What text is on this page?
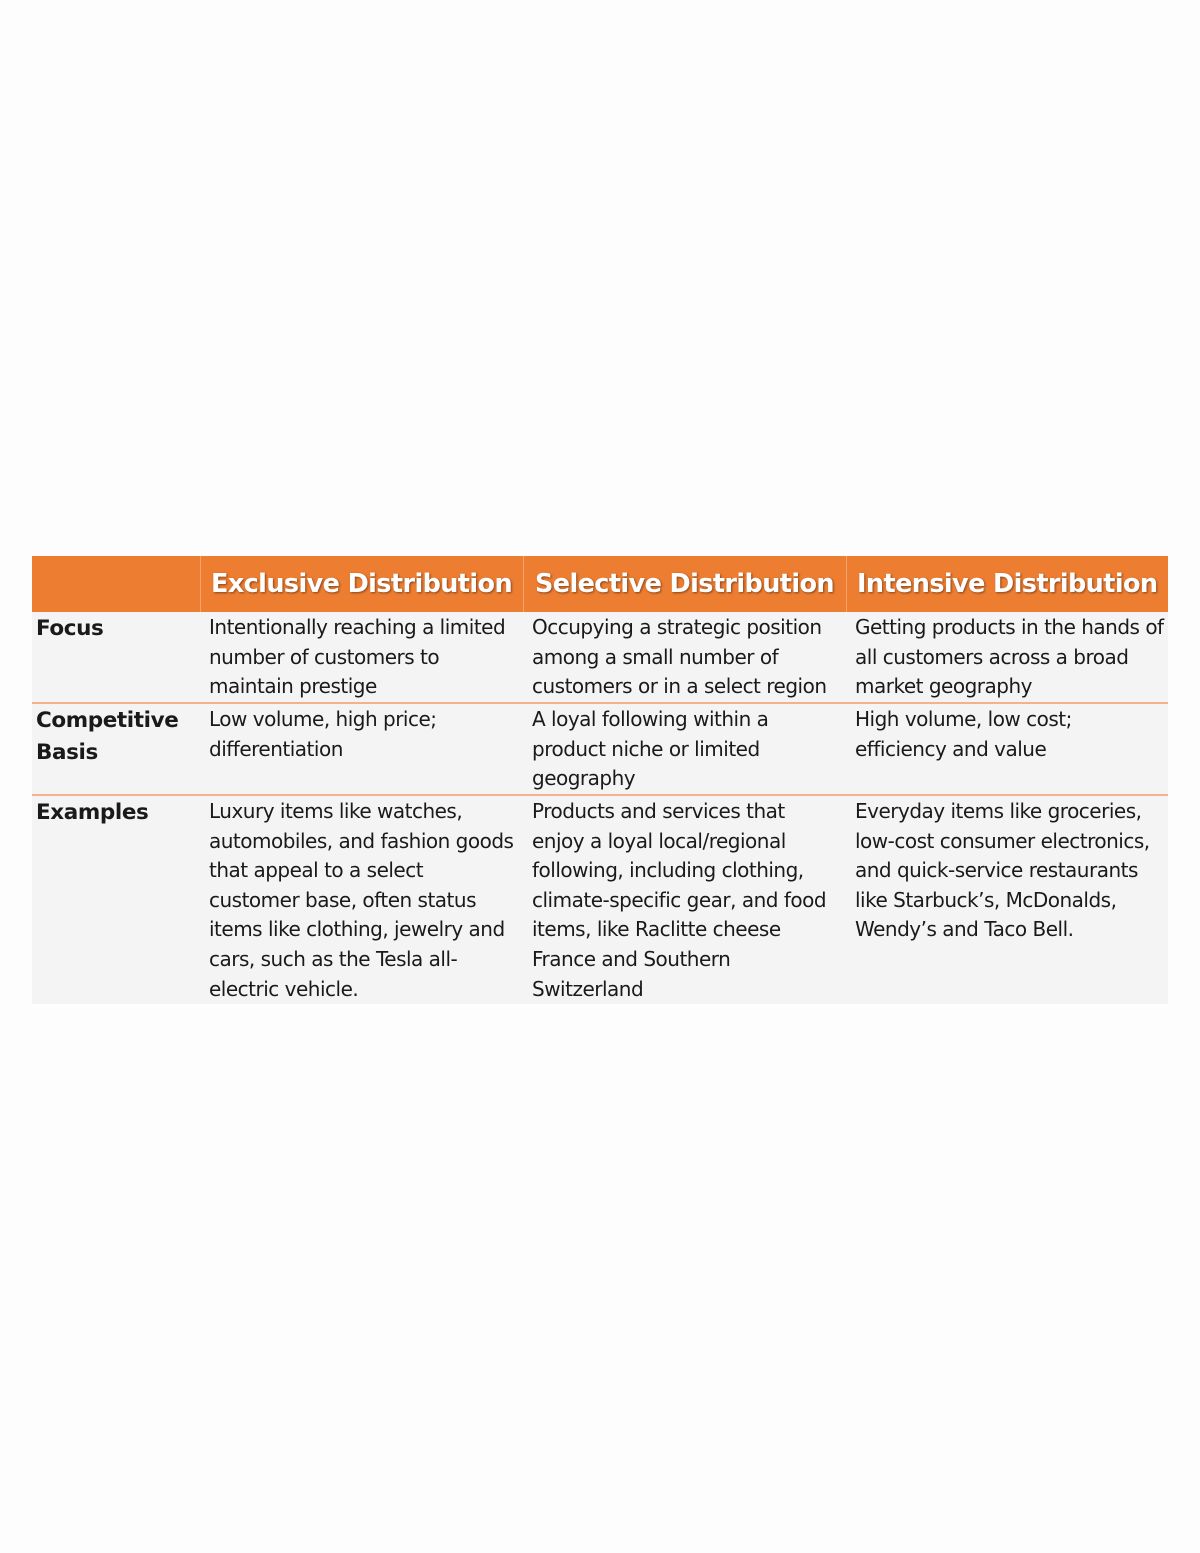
	Exclusive Distribution	Selective Distribution	Intensive Distribution

Focus	Intentionally reaching a limited number of customers to maintain prestige	Occupying a strategic position among a small number of customers or in a select region	Getting products in the hands of all customers across a broad market geography

Competitive
Basis	Low volume, high price; differentiation	A loyal following within a product niche or limited geography	High volume, low cost; efficiency and value

Examples	Luxury items like watches, automobiles, and fashion goods that appeal to a select customer base, often status items like clothing, jewelry and cars, such as the Tesla all-electric vehicle.	Products and services that enjoy a loyal local/regional following, including clothing, climate-specific gear, and food items, like Raclitte cheese France and Southern Switzerland	Everyday items like groceries, low-cost consumer electronics, and quick-service restaurants like Starbuck’s, McDonalds, Wendy’s and Taco Bell.
